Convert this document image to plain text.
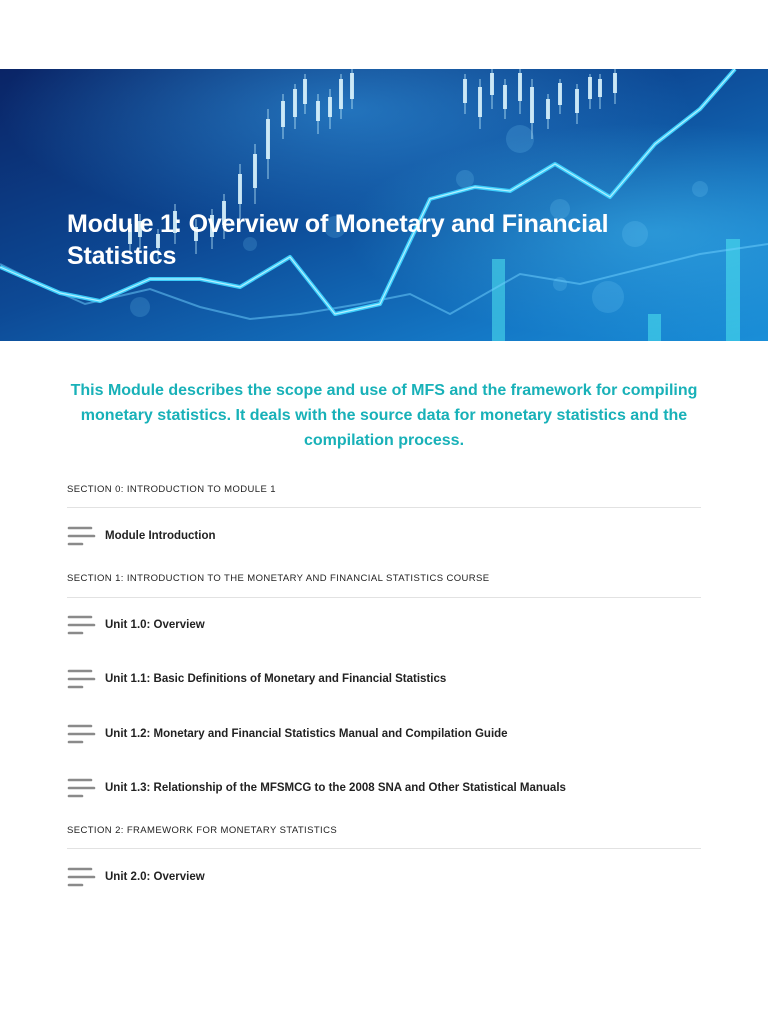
Module 1: Overview of Monetary and Financial Statistics

This Module describes the scope and use of MFS and the framework for compiling monetary statistics. It deals with the source data for monetary statistics and the compilation process.

SECTION 0: INTRODUCTION TO MODULE 1
Module Introduction
SECTION 1: INTRODUCTION TO THE MONETARY AND FINANCIAL STATISTICS COURSE
Unit 1.0: Overview
Unit 1.1: Basic Definitions of Monetary and Financial Statistics
Unit 1.2: Monetary and Financial Statistics Manual and Compilation Guide
Unit 1.3: Relationship of the MFSMCG to the 2008 SNA and Other Statistical Manuals
SECTION 2: FRAMEWORK FOR MONETARY STATISTICS
Unit 2.0: Overview
